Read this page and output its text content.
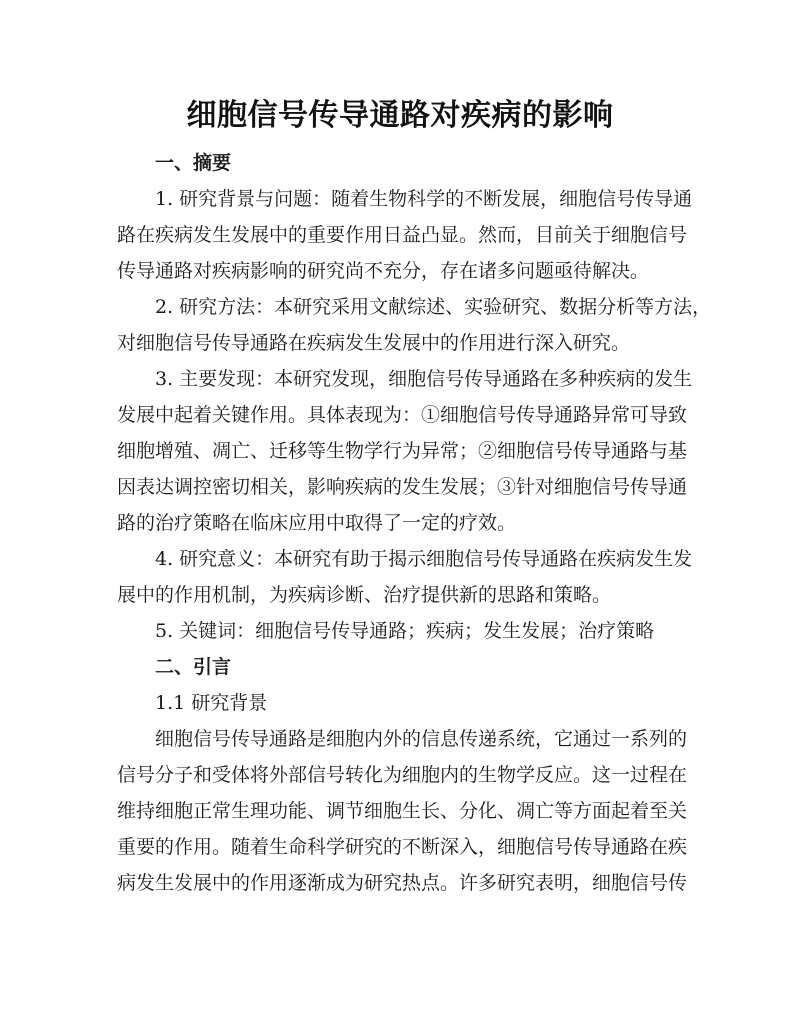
细胞信号传导通路对疾病的影响
一、摘要
1. 研究背景与问题：随着生物科学的不断发展，细胞信号传导通
路在疾病发生发展中的重要作用日益凸显。然而，目前关于细胞信号
传导通路对疾病影响的研究尚不充分，存在诸多问题亟待解决。
2. 研究方法：本研究采用文献综述、实验研究、数据分析等方法，
对细胞信号传导通路在疾病发生发展中的作用进行深入研究。
3. 主要发现：本研究发现，细胞信号传导通路在多种疾病的发生
发展中起着关键作用。具体表现为：①细胞信号传导通路异常可导致
细胞增殖、凋亡、迁移等生物学行为异常；②细胞信号传导通路与基
因表达调控密切相关，影响疾病的发生发展；③针对细胞信号传导通
路的治疗策略在临床应用中取得了一定的疗效。
4. 研究意义：本研究有助于揭示细胞信号传导通路在疾病发生发
展中的作用机制，为疾病诊断、治疗提供新的思路和策略。
5. 关键词：细胞信号传导通路；疾病；发生发展；治疗策略
二、引言
1.1 研究背景
细胞信号传导通路是细胞内外的信息传递系统，它通过一系列的
信号分子和受体将外部信号转化为细胞内的生物学反应。这一过程在
维持细胞正常生理功能、调节细胞生长、分化、凋亡等方面起着至关
重要的作用。随着生命科学研究的不断深入，细胞信号传导通路在疾
病发生发展中的作用逐渐成为研究热点。许多研究表明，细胞信号传
